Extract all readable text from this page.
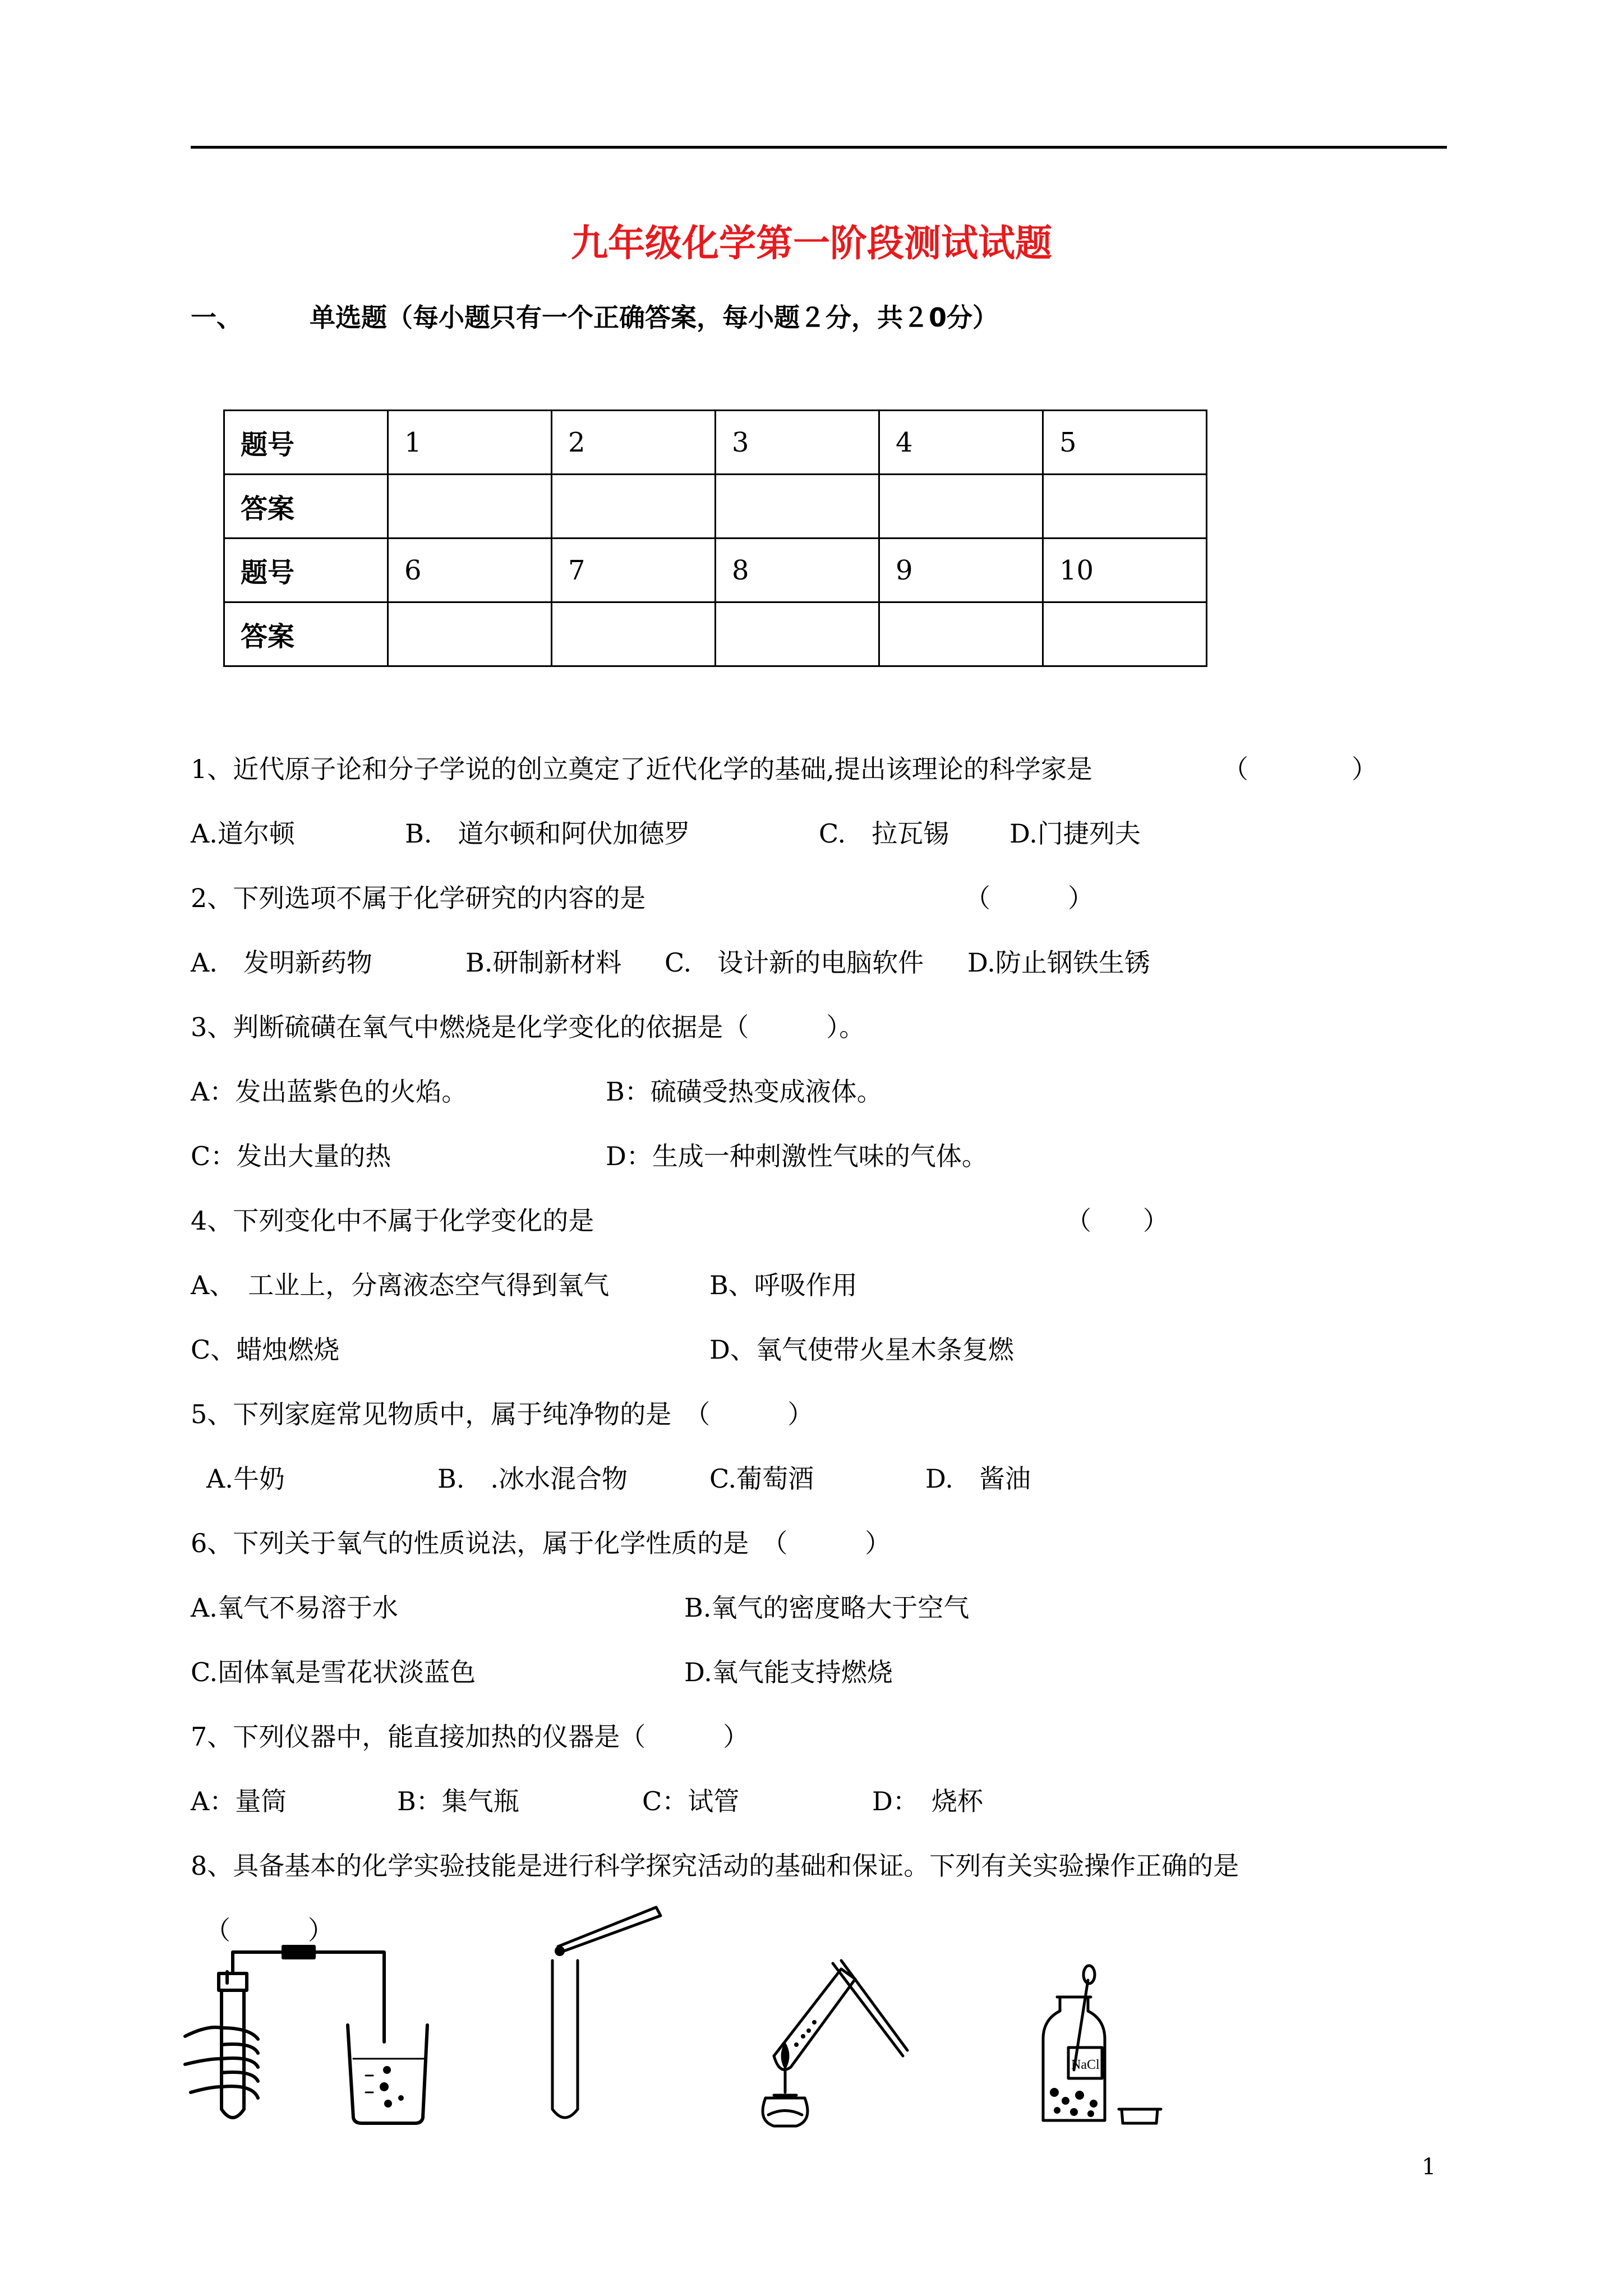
九年级化学第一阶段测试试题
一、	单选题（每小题只有一个正确答案，每小题２分，共２0分）
题号	1	2	3	4	5
答案					
题号	6	7	8	9	10
答案					
1、近代原子论和分子学说的创立奠定了近代化学的基础,提出该理论的科学家是	（　　　　）
A.道尔顿	B.　道尔顿和阿伏加德罗	C.　拉瓦锡 D.门捷列夫
2、下列选项不属于化学研究的内容的是	（　　　）
A.　发明新药物	B.研制新材料 C.　设计新的电脑软件 D.防止钢铁生锈
3、判断硫磺在氧气中燃烧是化学变化的依据是（　　　）。
A：发出蓝紫色的火焰。	B：硫磺受热变成液体。
C：发出大量的热	D：生成一种刺激性气味的气体。
4、下列变化中不属于化学变化的是	（　　）
A、　工业上，分离液态空气得到氧气	B、呼吸作用
C、蜡烛燃烧	D、氧气使带火星木条复燃
5、下列家庭常见物质中，属于纯净物的是　（　　　）
A.牛奶	B.　.冰水混合物	C.葡萄酒	D.　酱油
6、下列关于氧气的性质说法，属于化学性质的是　（　　　）
A.氧气不易溶于水	B.氧气的密度略大于空气
C.固体氧是雪花状淡蓝色	D.氧气能支持燃烧
7、下列仪器中，能直接加热的仪器是（　　　）
A：量筒	B：集气瓶	C：试管	D：　烧杯
8、具备基本的化学实验技能是进行科学探究活动的基础和保证。下列有关实验操作正确的是
（　　　）
NaCl
1
